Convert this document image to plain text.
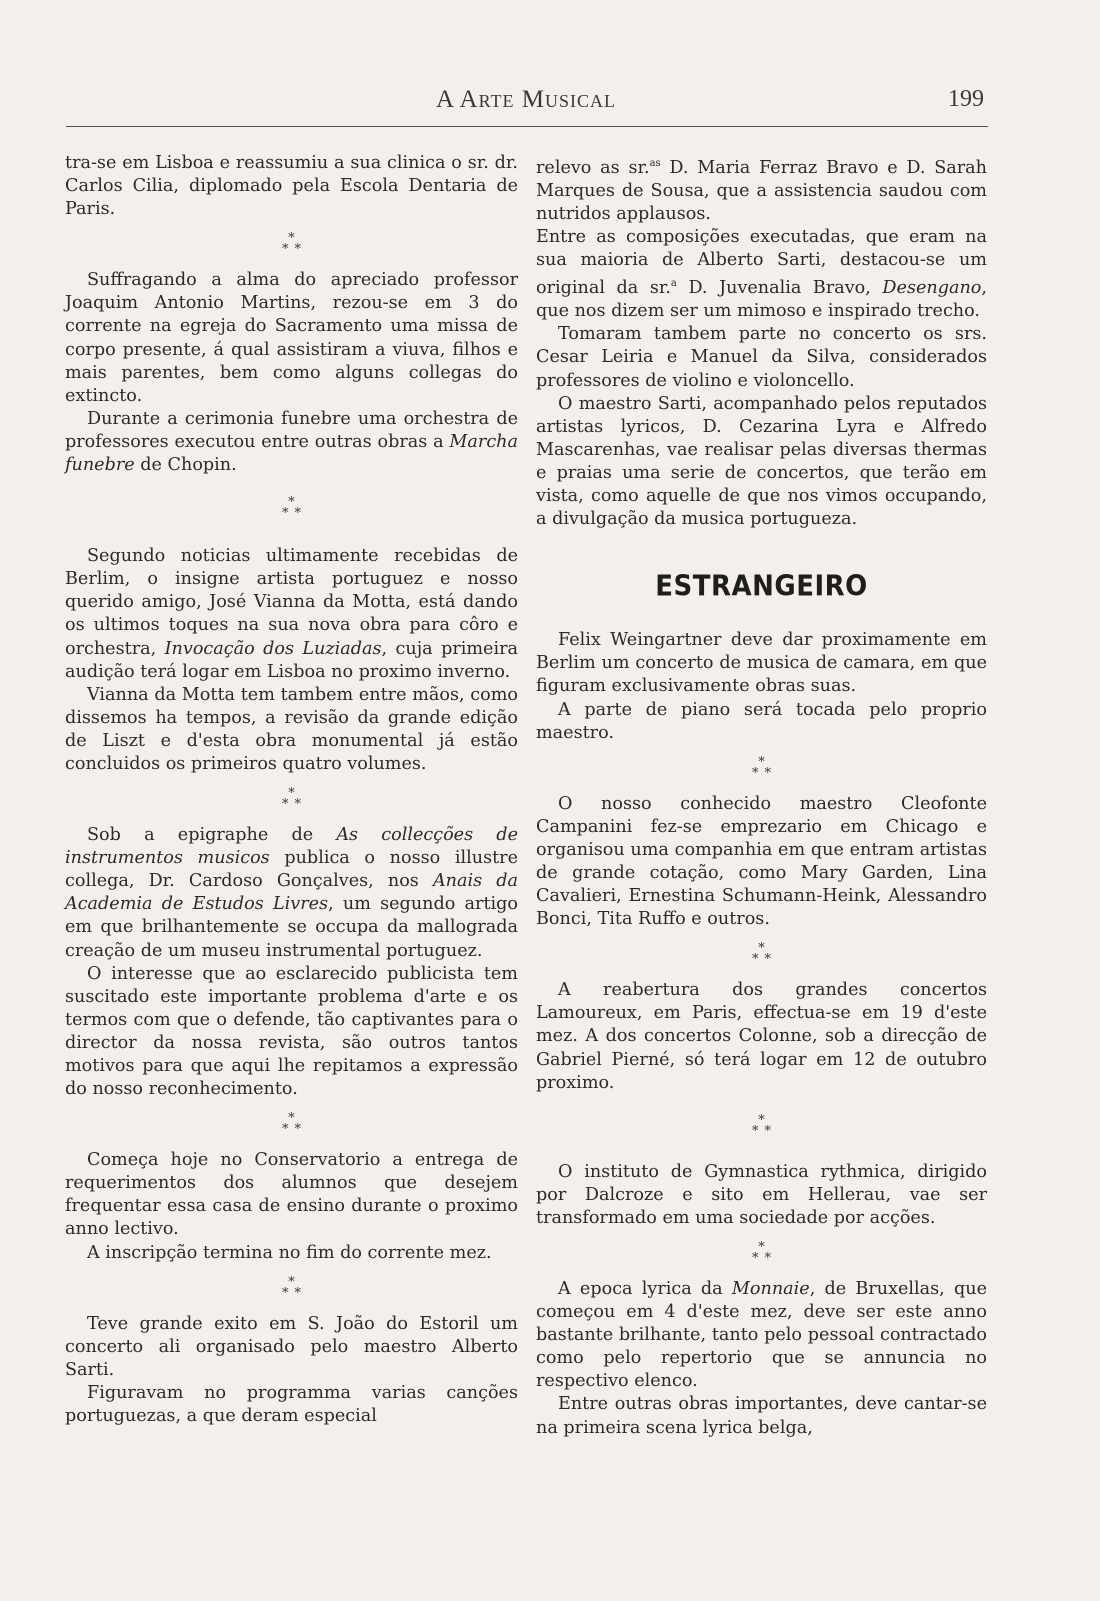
A Arte Musical	199

tra-se em Lisboa e reassumiu a sua clinica o sr. dr. Carlos Cilia, diplomado pela Escola Dentaria de Paris.

*
**

Suffragando a alma do apreciado professor Joaquim Antonio Martins, rezou-se em 3 do corrente na egreja do Sacramento uma missa de corpo presente, á qual assistiram a viuva, filhos e mais parentes, bem como alguns collegas do extincto.

Durante a cerimonia funebre uma orchestra de professores executou entre outras obras a Marcha funebre de Chopin.

*
**

Segundo noticias ultimamente recebidas de Berlim, o insigne artista portuguez e nosso querido amigo, José Vianna da Motta, está dando os ultimos toques na sua nova obra para côro e orchestra, Invocação dos Luziadas, cuja primeira audição terá logar em Lisboa no proximo inverno.

Vianna da Motta tem tambem entre mãos, como dissemos ha tempos, a revisão da grande edição de Liszt e d'esta obra monumental já estão concluidos os primeiros quatro volumes.

*
**

Sob a epigraphe de As collecções de instrumentos musicos publica o nosso illustre collega, Dr. Cardoso Gonçalves, nos Anais da Academia de Estudos Livres, um segundo artigo em que brilhantemente se occupa da mallograda creação de um museu instrumental portuguez.

O interesse que ao esclarecido publicista tem suscitado este importante problema d'arte e os termos com que o defende, tão captivantes para o director da nossa revista, são outros tantos motivos para que aqui lhe repitamos a expressão do nosso reconhecimento.

*
**

Começa hoje no Conservatorio a entrega de requerimentos dos alumnos que desejem frequentar essa casa de ensino durante o proximo anno lectivo.

A inscripção termina no fim do corrente mez.

*
**

Teve grande exito em S. João do Estoril um concerto ali organisado pelo maestro Alberto Sarti.

Figuravam no programma varias canções portuguezas, a que deram especial

relevo as sr.$^{as}$ D. Maria Ferraz Bravo e D. Sarah Marques de Sousa, que a assistencia saudou com nutridos applausos.

Entre as composições executadas, que eram na sua maioria de Alberto Sarti, destacou-se um original da sr.$^a$ D. Juvenalia Bravo, Desengano, que nos dizem ser um mimoso e inspirado trecho.

Tomaram tambem parte no concerto os srs. Cesar Leiria e Manuel da Silva, considerados professores de violino e violoncello.

O maestro Sarti, acompanhado pelos reputados artistas lyricos, D. Cezarina Lyra e Alfredo Mascarenhas, vae realisar pelas diversas thermas e praias uma serie de concertos, que terão em vista, como aquelle de que nos vimos occupando, a divulgação da musica portugueza.

ESTRANGEIRO

Felix Weingartner deve dar proximamente em Berlim um concerto de musica de camara, em que figuram exclusivamente obras suas.

A parte de piano será tocada pelo proprio maestro.

*
**

O nosso conhecido maestro Cleofonte Campanini fez-se emprezario em Chicago e organisou uma companhia em que entram artistas de grande cotação, como Mary Garden, Lina Cavalieri, Ernestina Schumann-Heink, Alessandro Bonci, Tita Ruffo e outros.

*
**

A reabertura dos grandes concertos Lamoureux, em Paris, effectua-se em 19 d'este mez. A dos concertos Colonne, sob a direcção de Gabriel Pierné, só terá logar em 12 de outubro proximo.

*
**

O instituto de Gymnastica rythmica, dirigido por Dalcroze e sito em Hellerau, vae ser transformado em uma sociedade por acções.

*
**

A epoca lyrica da Monnaie, de Bruxellas, que começou em 4 d'este mez, deve ser este anno bastante brilhante, tanto pelo pessoal contractado como pelo repertorio que se annuncia no respectivo elenco.

Entre outras obras importantes, deve cantar-se na primeira scena lyrica belga,
